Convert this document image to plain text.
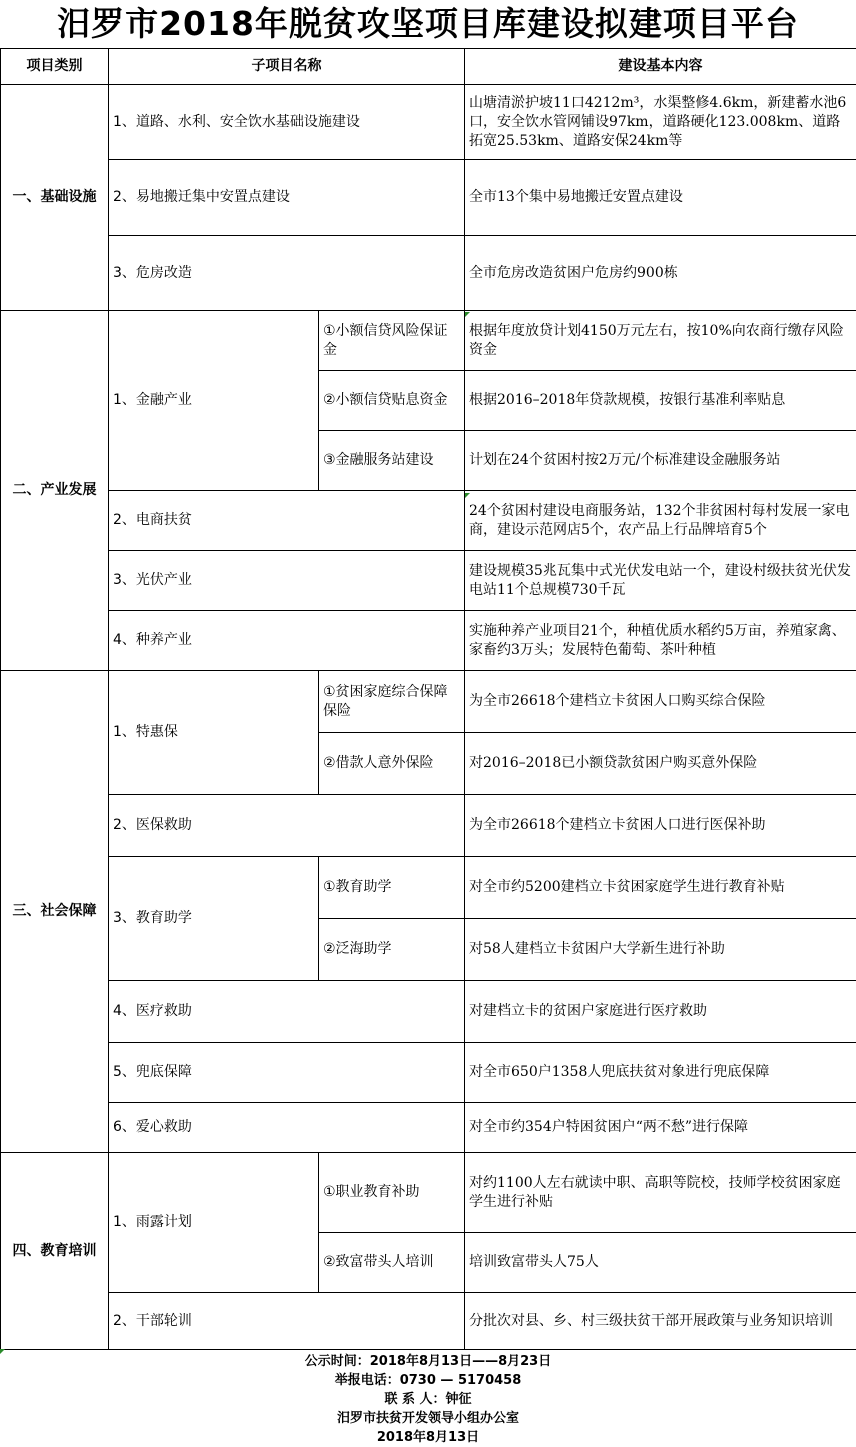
汨罗市2018年脱贫攻坚项目库建设拟建项目平台
项目类别	子项目名称		建设基本内容
一、基础设施	1、道路、水利、安全饮水基础设施建设		山塘清淤护坡11口4212m³，水渠整修4.6km，新建蓄水池6口，安全饮水管网铺设97km，道路硬化123.008km、道路拓宽25.53km、道路安保24km等
	2、易地搬迁集中安置点建设		全市13个集中易地搬迁安置点建设
	3、危房改造		全市危房改造贫困户危房约900栋
二、产业发展	1、金融产业	①小额信贷风险保证金	根据年度放贷计划4150万元左右，按10%向农商行缴存风险资金
		②小额信贷贴息资金	根据2016–2018年贷款规模，按银行基准利率贴息
		③金融服务站建设	计划在24个贫困村按2万元/个标准建设金融服务站
	2、电商扶贫		24个贫困村建设电商服务站，132个非贫困村每村发展一家电商，建设示范网店5个，农产品上行品牌培育5个
	3、光伏产业		建设规模35兆瓦集中式光伏发电站一个，建设村级扶贫光伏发电站11个总规模730千瓦
	4、种养产业		实施种养产业项目21个，种植优质水稻约5万亩，养殖家禽、家畜约3万头；发展特色葡萄、茶叶种植
三、社会保障	1、特惠保	①贫困家庭综合保障保险	为全市26618个建档立卡贫困人口购买综合保险
		②借款人意外保险	对2016–2018已小额贷款贫困户购买意外保险
	2、医保救助		为全市26618个建档立卡贫困人口进行医保补助
	3、教育助学	①教育助学	对全市约5200建档立卡贫困家庭学生进行教育补贴
		②泛海助学	对58人建档立卡贫困户大学新生进行补助
	4、医疗救助		对建档立卡的贫困户家庭进行医疗救助
	5、兜底保障		对全市650户1358人兜底扶贫对象进行兜底保障
	6、爱心救助		对全市约354户特困贫困户“两不愁”进行保障
四、教育培训	1、雨露计划	①职业教育补助	对约1100人左右就读中职、高职等院校，技师学校贫困家庭学生进行补贴
		②致富带头人培训	培训致富带头人75人
	2、干部轮训		分批次对县、乡、村三级扶贫干部开展政策与业务知识培训
公示时间：2018年8月13日——8月23日
举报电话：0730 — 5170458
联 系 人：钟征
汨罗市扶贫开发领导小组办公室
2018年8月13日
